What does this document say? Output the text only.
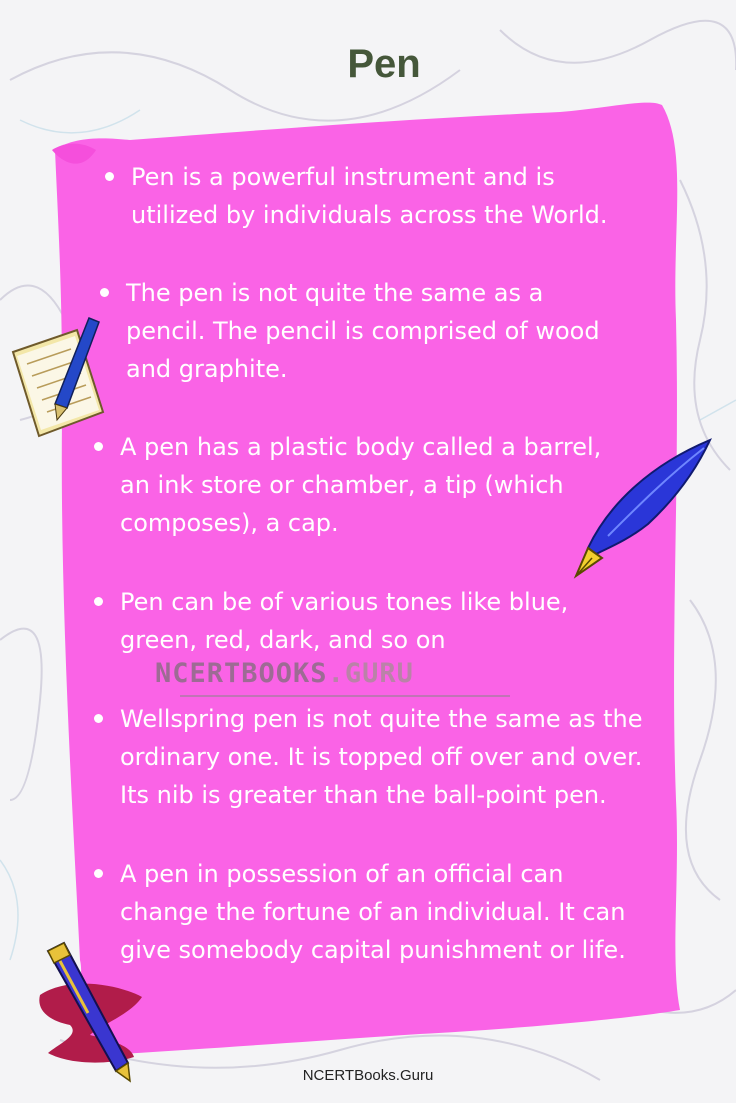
Pen

Pen is a powerful instrument and is utilized by individuals across the World.

The pen is not quite the same as a pencil. The pencil is comprised of wood and graphite.

A pen has a plastic body called a barrel, an ink store or chamber, a tip (which composes), a cap.

Pen can be of various tones like blue, green, red, dark, and so on

Wellspring pen is not quite the same as the ordinary one. It is topped off over and over. Its nib is greater than the ball-point pen.

A pen in possession of an official can change the fortune of an individual. It can give somebody capital punishment or life.

NCERTBOOKS.GURU
NCERTBooks.Guru
